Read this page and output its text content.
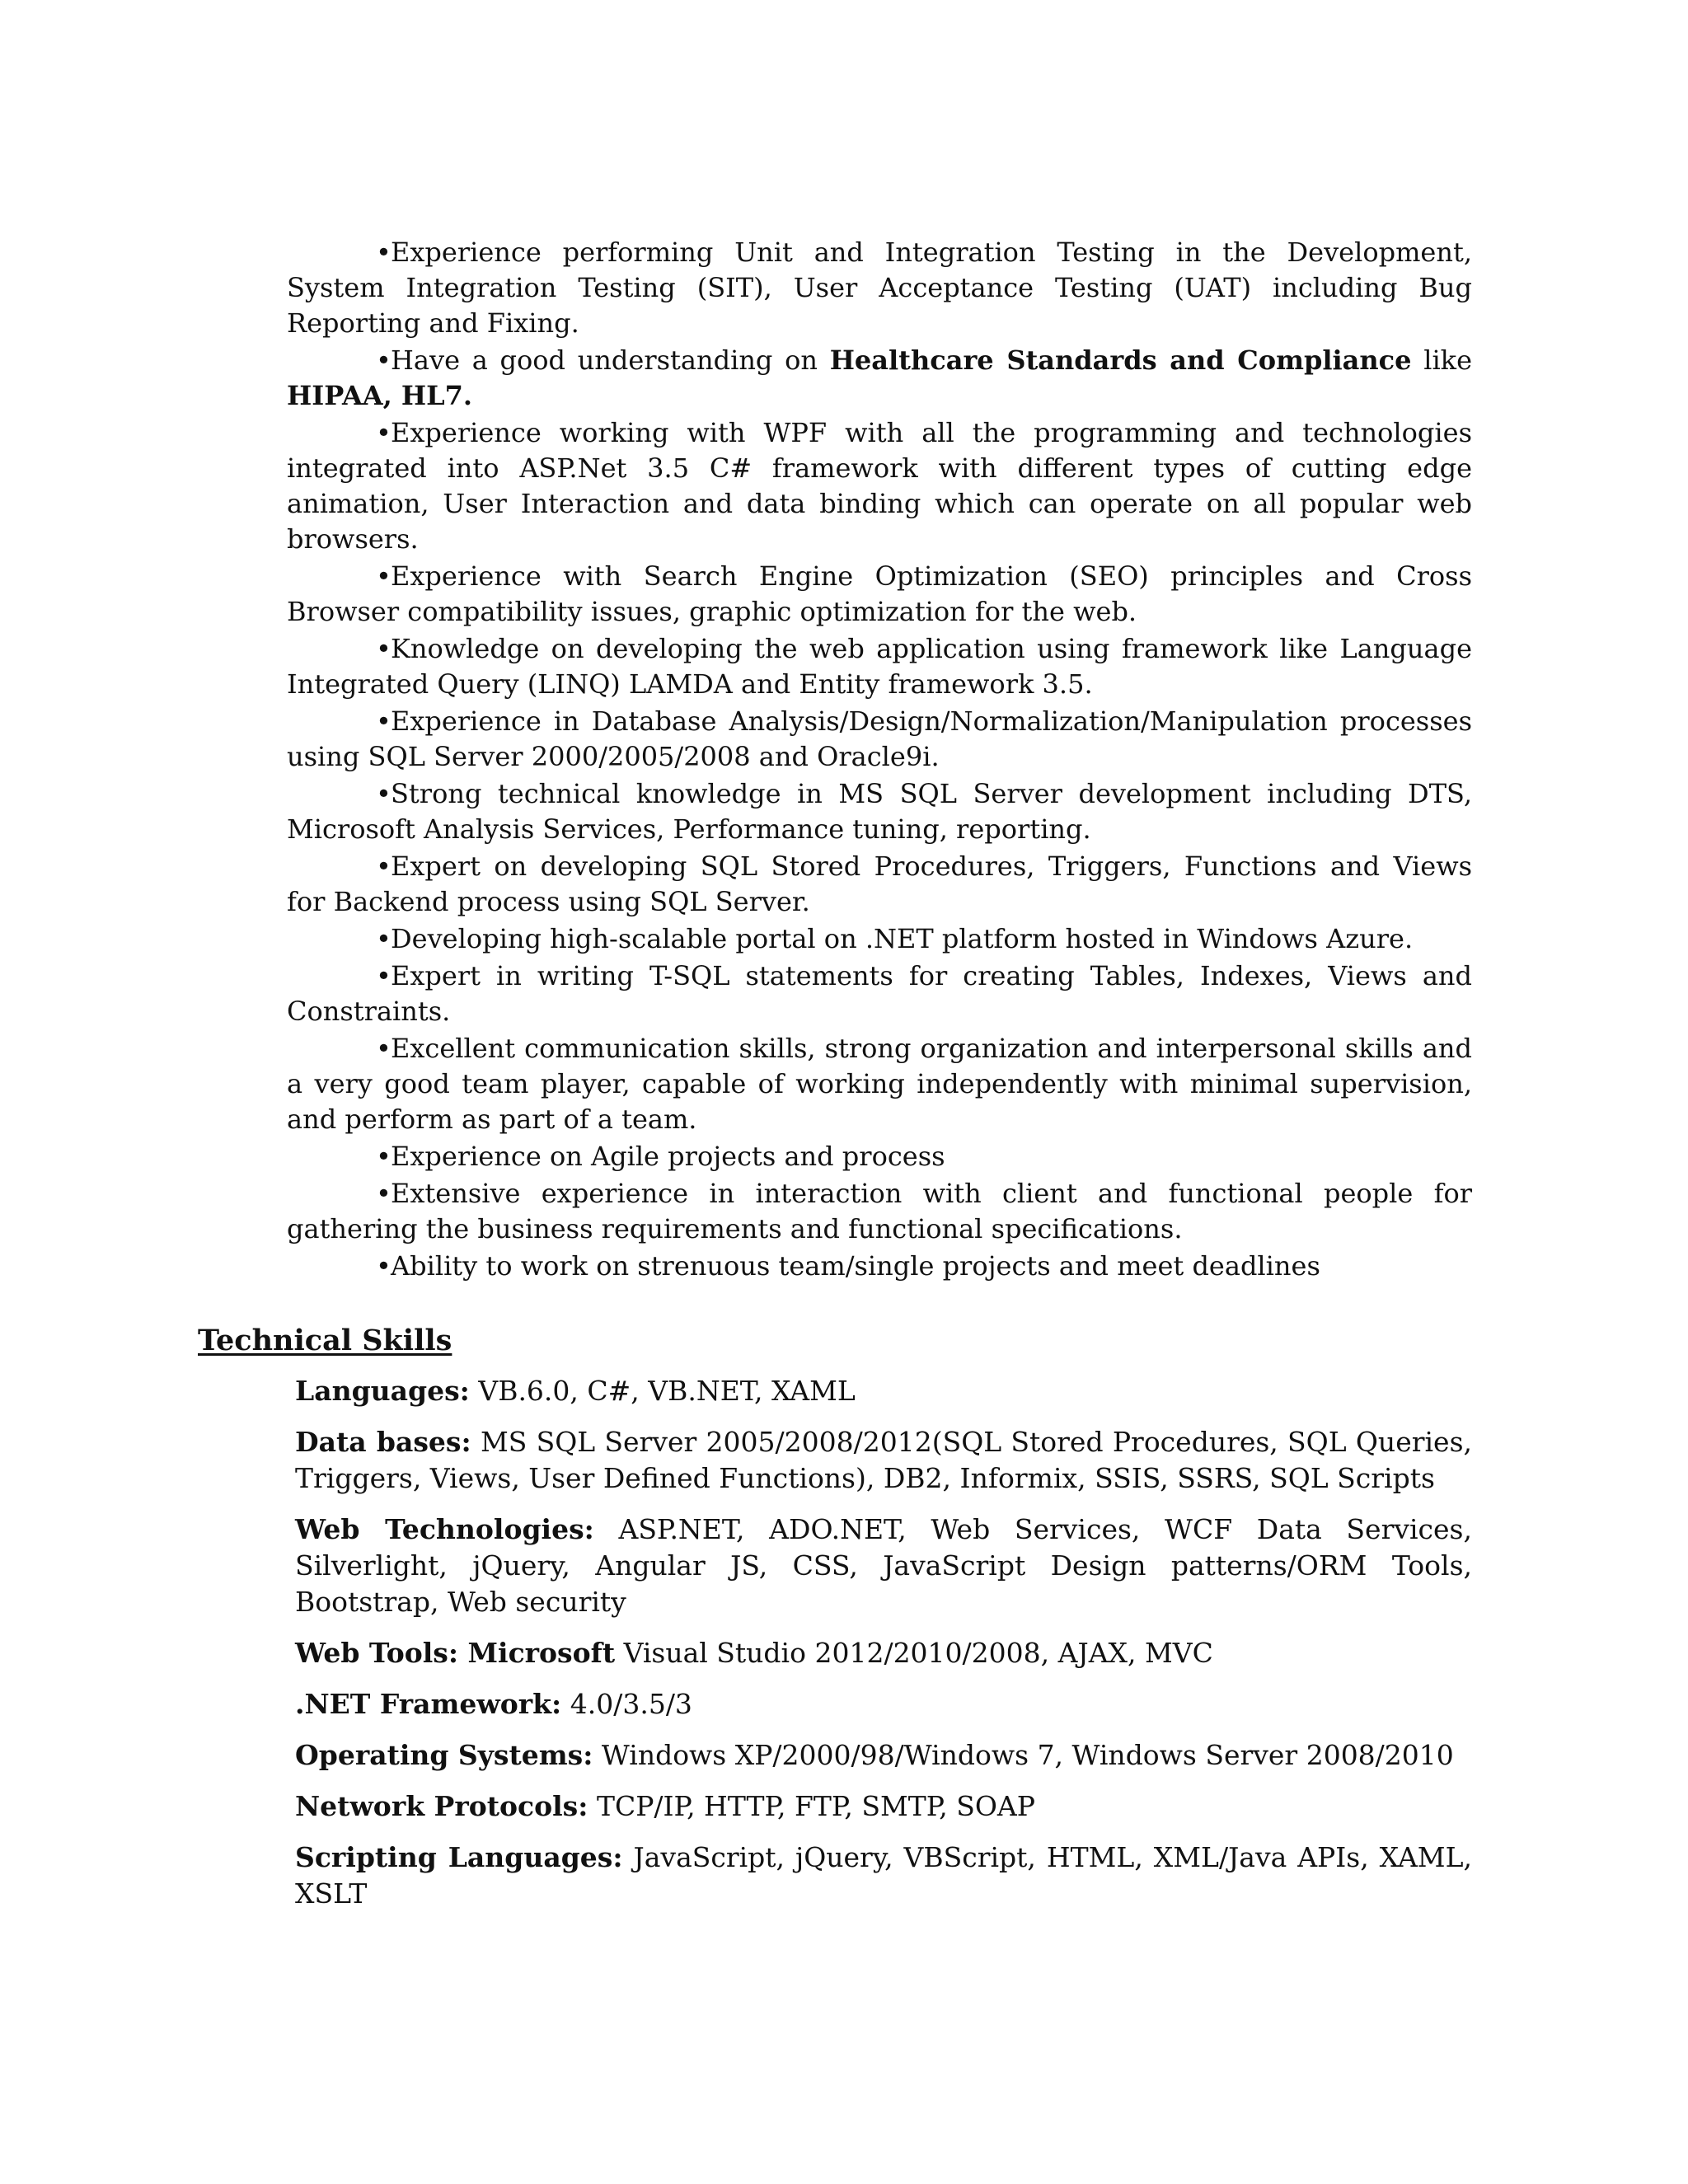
•Experience performing Unit and Integration Testing in the Development, System Integration Testing (SIT), User Acceptance Testing (UAT) including Bug Reporting and Fixing.

•Have a good understanding on Healthcare Standards and Compliance like HIPAA, HL7.

•Experience working with WPF with all the programming and technologies integrated into ASP.Net 3.5 C# framework with different types of cutting edge animation, User Interaction and data binding which can operate on all popular web browsers.

•Experience with Search Engine Optimization (SEO) principles and Cross Browser compatibility issues, graphic optimization for the web.

•Knowledge on developing the web application using framework like Language Integrated Query (LINQ) LAMDA and Entity framework 3.5.

•Experience in Database Analysis/Design/Normalization/Manipulation processes using SQL Server 2000/2005/2008 and Oracle9i.

•Strong technical knowledge in MS SQL Server development including DTS, Microsoft Analysis Services, Performance tuning, reporting.

•Expert on developing SQL Stored Procedures, Triggers, Functions and Views for Backend process using SQL Server.

•Developing high-scalable portal on .NET platform hosted in Windows Azure.

•Expert in writing T-SQL statements for creating Tables, Indexes, Views and Constraints.

•Excellent communication skills, strong organization and interpersonal skills and a very good team player, capable of working independently with minimal supervision, and perform as part of a team.

•Experience on Agile projects and process

•Extensive experience in interaction with client and functional people for gathering the business requirements and functional specifications.

•Ability to work on strenuous team/single projects and meet deadlines

Technical Skills
Languages: VB.6.0, C#, VB.NET, XAML
Data bases: MS SQL Server 2005/2008/2012(SQL Stored Procedures, SQL Queries, Triggers, Views, User Defined Functions), DB2, Informix, SSIS, SSRS, SQL Scripts
Web Technologies: ASP.NET, ADO.NET, Web Services, WCF Data Services, Silverlight, jQuery, Angular JS, CSS, JavaScript Design patterns/ORM Tools, Bootstrap, Web security
Web Tools: Microsoft Visual Studio 2012/2010/2008, AJAX, MVC
.NET Framework: 4.0/3.5/3
Operating Systems: Windows XP/2000/98/Windows 7, Windows Server 2008/2010
Network Protocols: TCP/IP, HTTP, FTP, SMTP, SOAP
Scripting Languages: JavaScript, jQuery, VBScript, HTML, XML/Java APIs, XAML, XSLT
